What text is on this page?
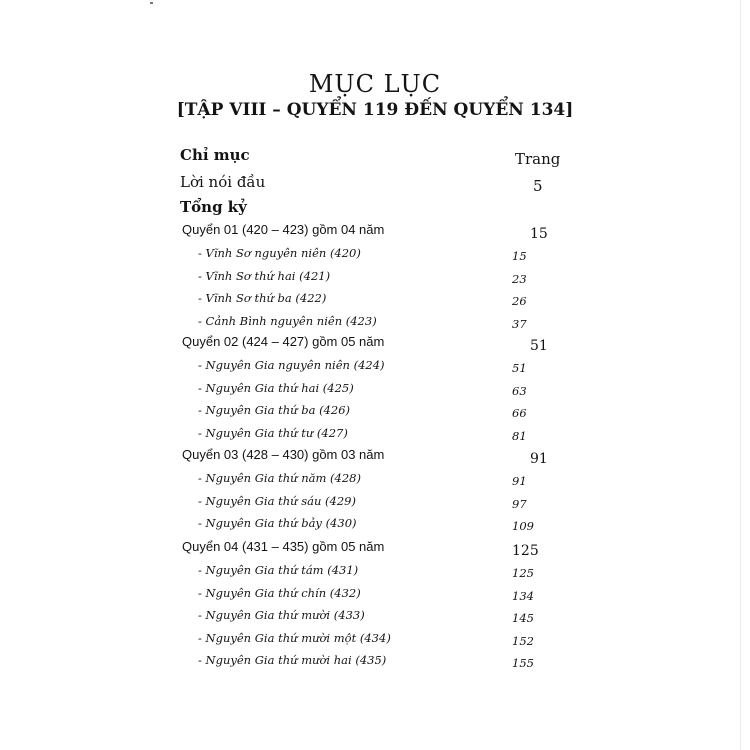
MỤC LỤC
[TẬP VIII – QUYỂN 119 ĐẾN QUYỂN 134]
Chỉ mục	Trang
Lời nói đầu	5
Tổng kỷ
Quyển 01 (420 – 423) gồm 04 năm	15
- Vĩnh Sơ nguyên niên (420)	15
- Vĩnh Sơ thứ hai (421)	23
- Vĩnh Sơ thứ ba (422)	26
- Cảnh Bình nguyên niên (423)	37
Quyển 02 (424 – 427) gồm 05 năm	51
- Nguyên Gia nguyên niên (424)	51
- Nguyên Gia thứ hai (425)	63
- Nguyên Gia thứ ba (426)	66
- Nguyên Gia thứ tư (427)	81
Quyển 03 (428 – 430) gồm 03 năm	91
- Nguyên Gia thứ năm (428)	91
- Nguyên Gia thứ sáu (429)	97
- Nguyên Gia thứ bảy (430)	109
Quyển 04 (431 – 435) gồm 05 năm	125
- Nguyên Gia thứ tám (431)	125
- Nguyên Gia thứ chín (432)	134
- Nguyên Gia thứ mười (433)	145
- Nguyên Gia thứ mười một (434)	152
- Nguyên Gia thứ mười hai (435)	155
